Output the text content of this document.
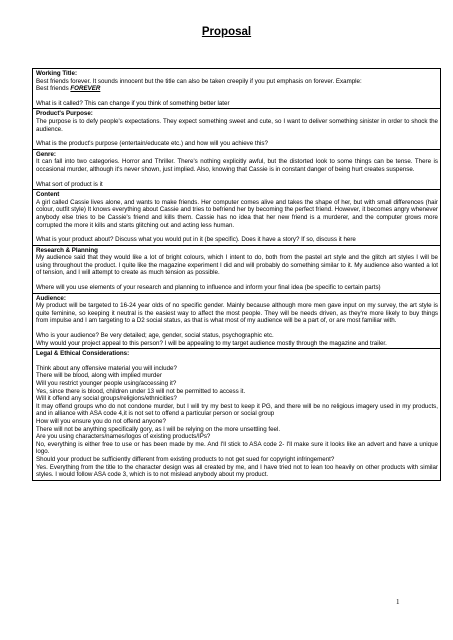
Proposal
Working Title:

Best friends forever. It sounds innocent but the title can also be taken creepily if you put emphasis on forever. Example:

Best friends FOREVER

What is it called? This can change if you think of something better later

Product's Purpose:

The purpose is to defy people's expectations. They expect something sweet and cute, so I want to deliver something sinister in order to shock the audience.

What is the product's purpose (entertain/educate etc.) and how will you achieve this?

Genre:

It can fall into two categories. Horror and Thriller. There's nothing explicitly awful, but the distorted look to some things can be tense. There is occasional murder, although it's never shown, just implied. Also, knowing that Cassie is in constant danger of being hurt creates suspense.

What sort of product is it

Content

A girl called Cassie lives alone, and wants to make friends. Her computer comes alive and takes the shape of her, but with small differences (hair colour, outfit style) It knows everything about Cassie and tries to befriend her by becoming the perfect friend. However, it becomes angry whenever anybody else tries to be Cassie's friend and kills them. Cassie has no idea that her new friend is a murderer, and the computer grows more corrupted the more it kills and starts glitching out and acting less human.

What is your product about? Discuss what you would put in it (be specific). Does it have a story? If so, discuss it here

Research & Planning

My audience said that they would like a lot of bright colours, which I intent to do, both from the pastel art style and the glitch art styles I will be using throughout the product. I quite like the magazine experiment I did and will probably do something similar to it. My audience also wanted a lot of tension, and I will attempt to create as much tension as possible.

Where will you use elements of your research and planning to influence and inform your final idea (be specific to certain parts)

Audience:

My product will be targeted to 16-24 year olds of no specific gender. Mainly because although more men gave input on my survey, the art style is quite feminine, so keeping it neutral is the easiest way to affect the most people. They will be needs driven, as they're more likely to buy things from impulse and I am targeting to a D2 social status, as that is what most of my audience will be a part of, or are most familiar with.

Who is your audience? Be very detailed; age, gender, social status, psychographic etc.

Why would your project appeal to this person? I will be appealing to my target audience mostly through the magazine and trailer.

Legal & Ethical Considerations:

Think about any offensive material you will include?

There will be blood, along with implied murder

Will you restrict younger people using/accessing it?

Yes, since there is blood, children under 13 will not be permitted to access it.

Will it offend any social groups/religions/ethnicities?

It may offend groups who do not condone murder, but I will try my best to keep it PG, and there will be no religious imagery used in my products, and in alliance with ASA code 4,it is not set to offend a particular person or social group

How will you ensure you do not offend anyone?

There will not be anything specifically gory, as I will be relying on the more unsettling feel.

Are you using characters/names/logos of existing products/IPs?

No, everything is either free to use or has been made by me. And I'll stick to ASA code 2- I'll make sure it looks like an advert and have a unique logo.

Should your product be sufficiently different from existing products to not get sued for copyright infringement?

Yes. Everything from the title to the character design was all created by me, and I have tried not to lean too heavily on other products with similar styles. I would follow ASA code 3, which is to not mislead anybody about my product.

1
